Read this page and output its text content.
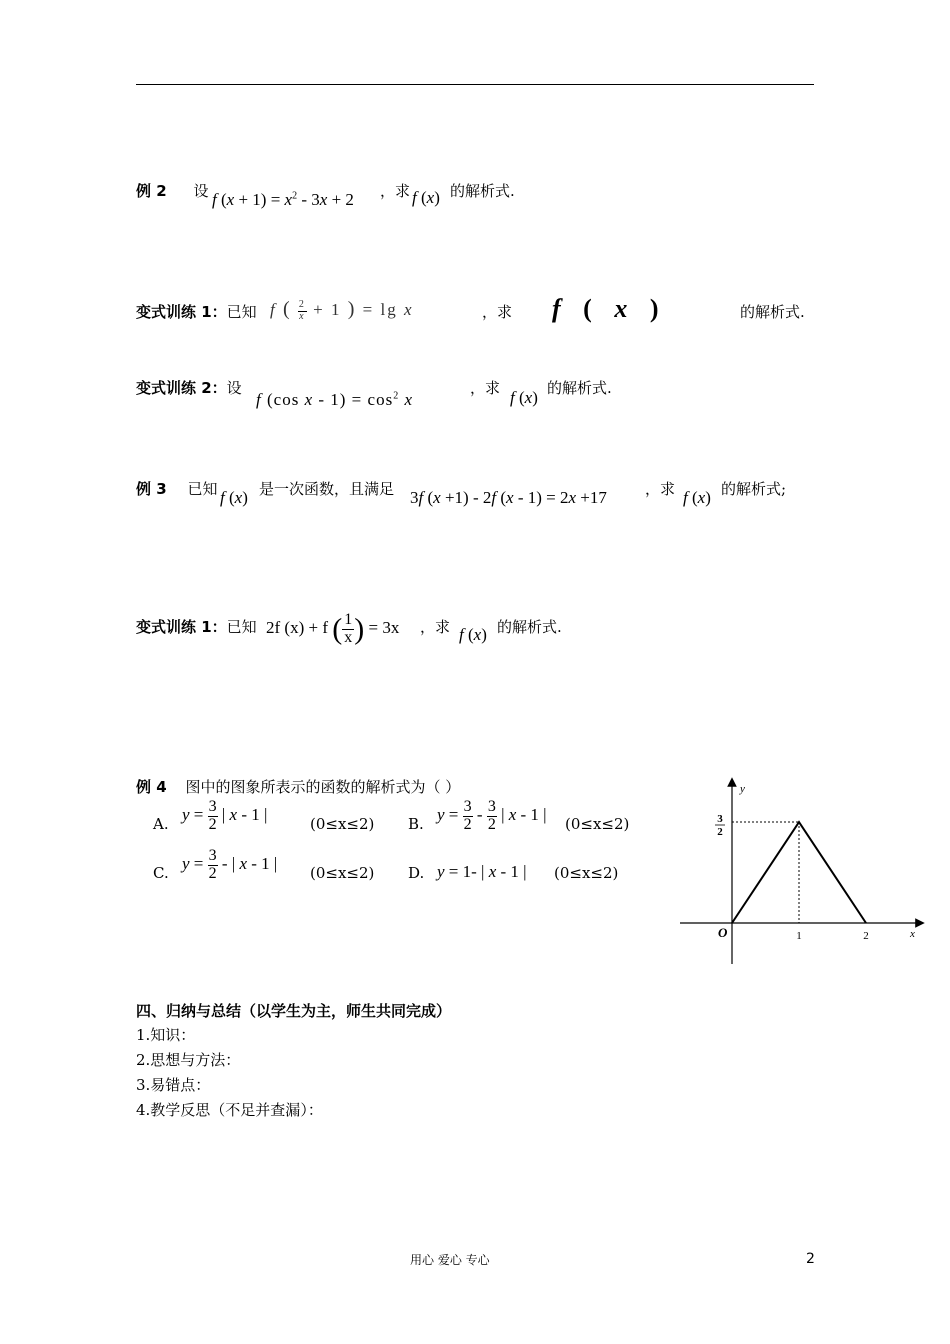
例 2 设 f $(x + 1) = x^2 - 3x + 2$ ，求 f (x) 的解析式.
变式训练 1：已知 f ( $\frac{2}{x} + 1$ ) = lg x	，求 f ( x )	的解析式.
变式训练 2：设
f (cos $x - 1) = \cos^2 x$
，求 f (x) 的解析式.
例 3 已知 f (x) 是一次函数，且满足 3f (x +1) - 2f (x - 1) = 2x +17	，求 f (x) 的解析式;
变式训练 1：已知 2f (x) + f ( $\frac{1}{x}$ ) = 3x ，求 f (x) 的解析式.
例 4 图中的图象所表示的函数的解析式为（ ）
A. $y = \frac{3}{2}$ | x - 1 |	(0≤x≤2) B. $y = \frac{3}{2} - \frac{3}{2}$ | x - 1 | (0≤x≤2)
C. $y = \frac{3}{2}$ - | x - 1 | (0≤x≤2) D. y = 1- | x - 1 | (0≤x≤2)
y
x
O	1	2
3
2
四、归纳与总结（以学生为主，师生共同完成）
1.知识：
2.思想与方法：
3.易错点：
4.教学反思（不足并查漏）：
用心 爱心 专心	2
